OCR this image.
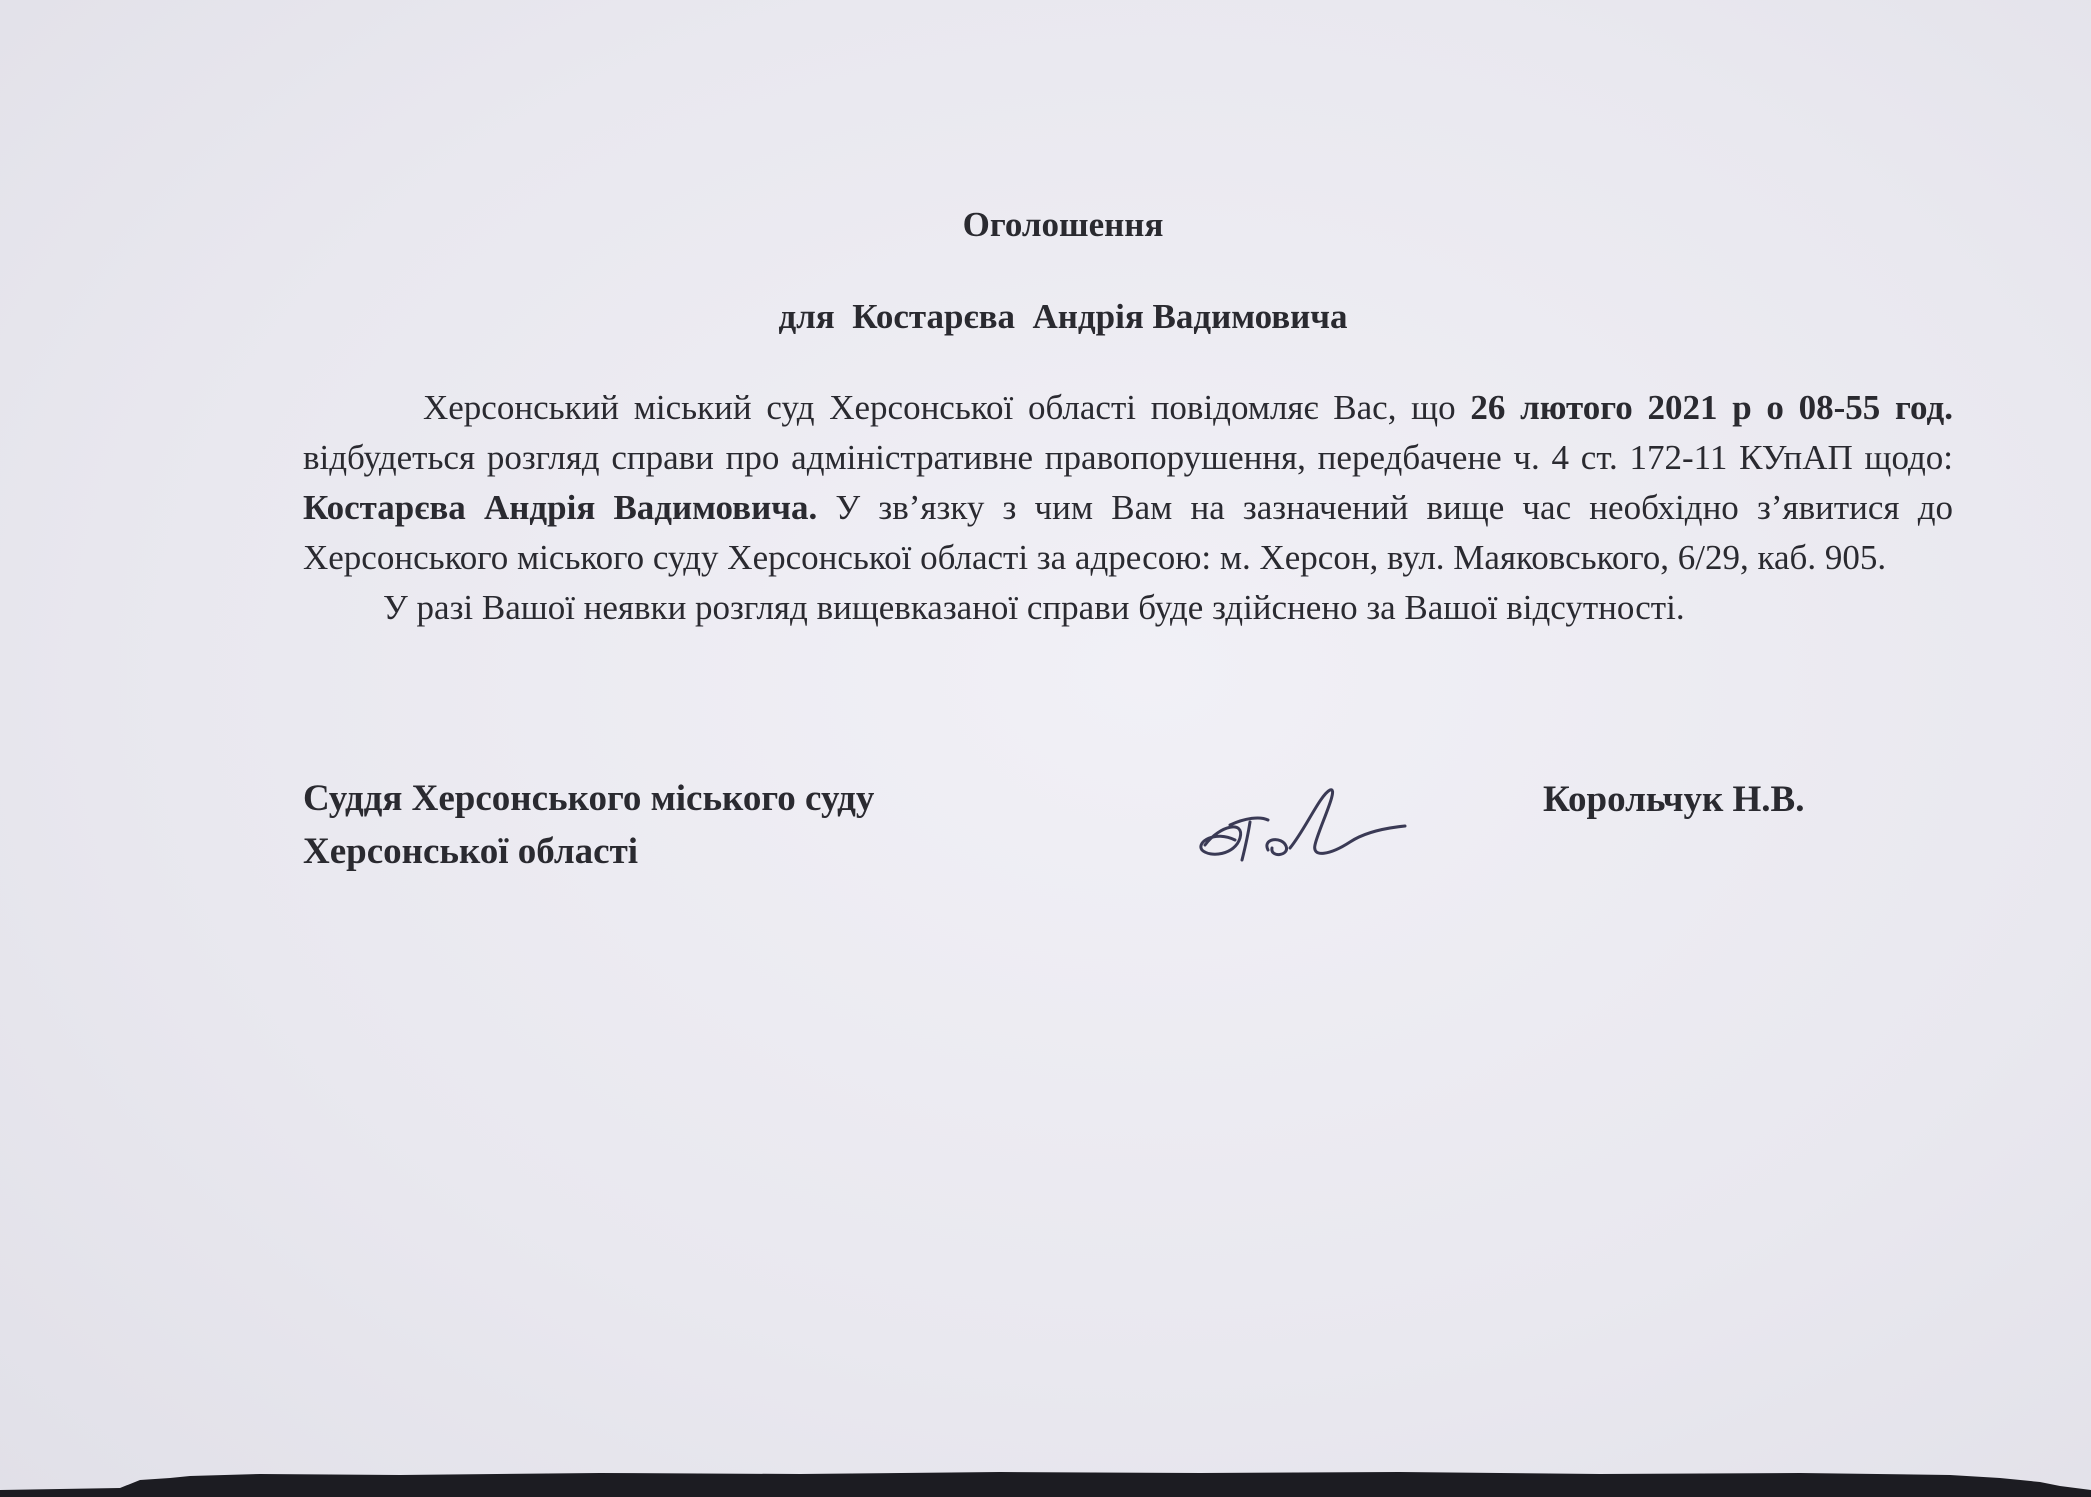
Оголошення
для  Костарєва  Андрія Вадимовича

Херсонський міський суд Херсонської області повідомляє Вас, що 26 лютого 2021 р о 08-55 год. відбудеться розгляд справи про адміністративне правопорушення, передбачене ч. 4 ст. 172-11 КУпАП щодо: Костарєва Андрія Вадимовича. У зв’язку з чим Вам на зазначений вище час необхідно з’явитися до Херсонського міського суду Херсонської області за адресою: м. Херсон, вул. Маяковського, 6/29, каб. 905.

У разі Вашої неявки розгляд вищевказаної справи буде здійснено за Вашої відсутності.

Суддя Херсонського міського суду
Херсонської області
Корольчук Н.В.
